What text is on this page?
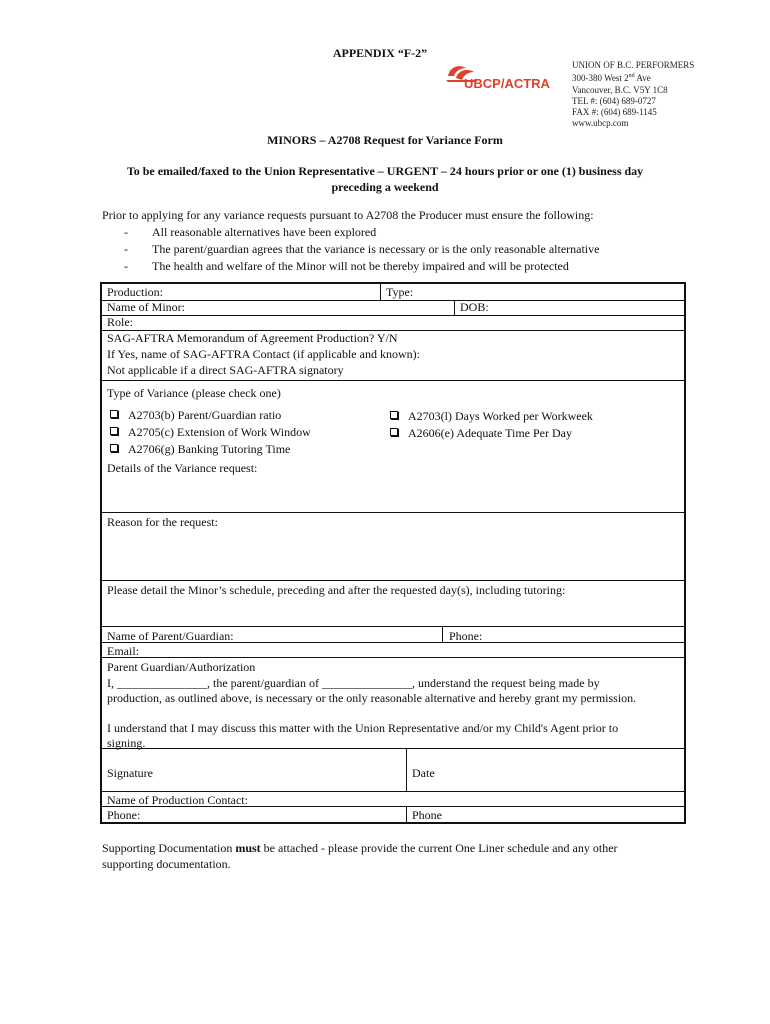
APPENDIX “F-2”
UBCP/ACTRA
UNION OF B.C. PERFORMERS
300-380 West 2nd Ave
Vancouver, B.C. V5Y 1C8
TEL #: (604) 689-0727
FAX #: (604) 689-1145
www.ubcp.com
MINORS – A2708 Request for Variance Form
To be emailed/faxed to the Union Representative – URGENT – 24 hours prior or one (1) business day
preceding a weekend
Prior to applying for any variance requests pursuant to A2708 the Producer must ensure the following:
-	All reasonable alternatives have been explored
-	The parent/guardian agrees that the variance is necessary or is the only reasonable alternative
-	The health and welfare of the Minor will not be thereby impaired and will be protected
Production:	Type:
Name of Minor:	DOB:
Role:
SAG-AFTRA Memorandum of Agreement Production? Y/N
If Yes, name of SAG-AFTRA Contact (if applicable and known):
Not applicable if a direct SAG-AFTRA signatory
Type of Variance (please check one)
A2703(b) Parent/Guardian ratio
A2705(c) Extension of Work Window
A2706(g) Banking Tutoring Time
A2703(l) Days Worked per Workweek
A2606(e) Adequate Time Per Day
Details of the Variance request:
Reason for the request:
Please detail the Minor’s schedule, preceding and after the requested day(s), including tutoring:
Name of Parent/Guardian:	Phone:
Email:
Parent Guardian/Authorization
I, _______________, the parent/guardian of _______________, understand the request being made by
production, as outlined above, is necessary or the only reasonable alternative and hereby grant my permission.
I understand that I may discuss this matter with the Union Representative and/or my Child's Agent prior to
signing.
Signature	Date
Name of Production Contact:
Phone:	Phone
Supporting Documentation must be attached - please provide the current One Liner schedule and any other
supporting documentation.
